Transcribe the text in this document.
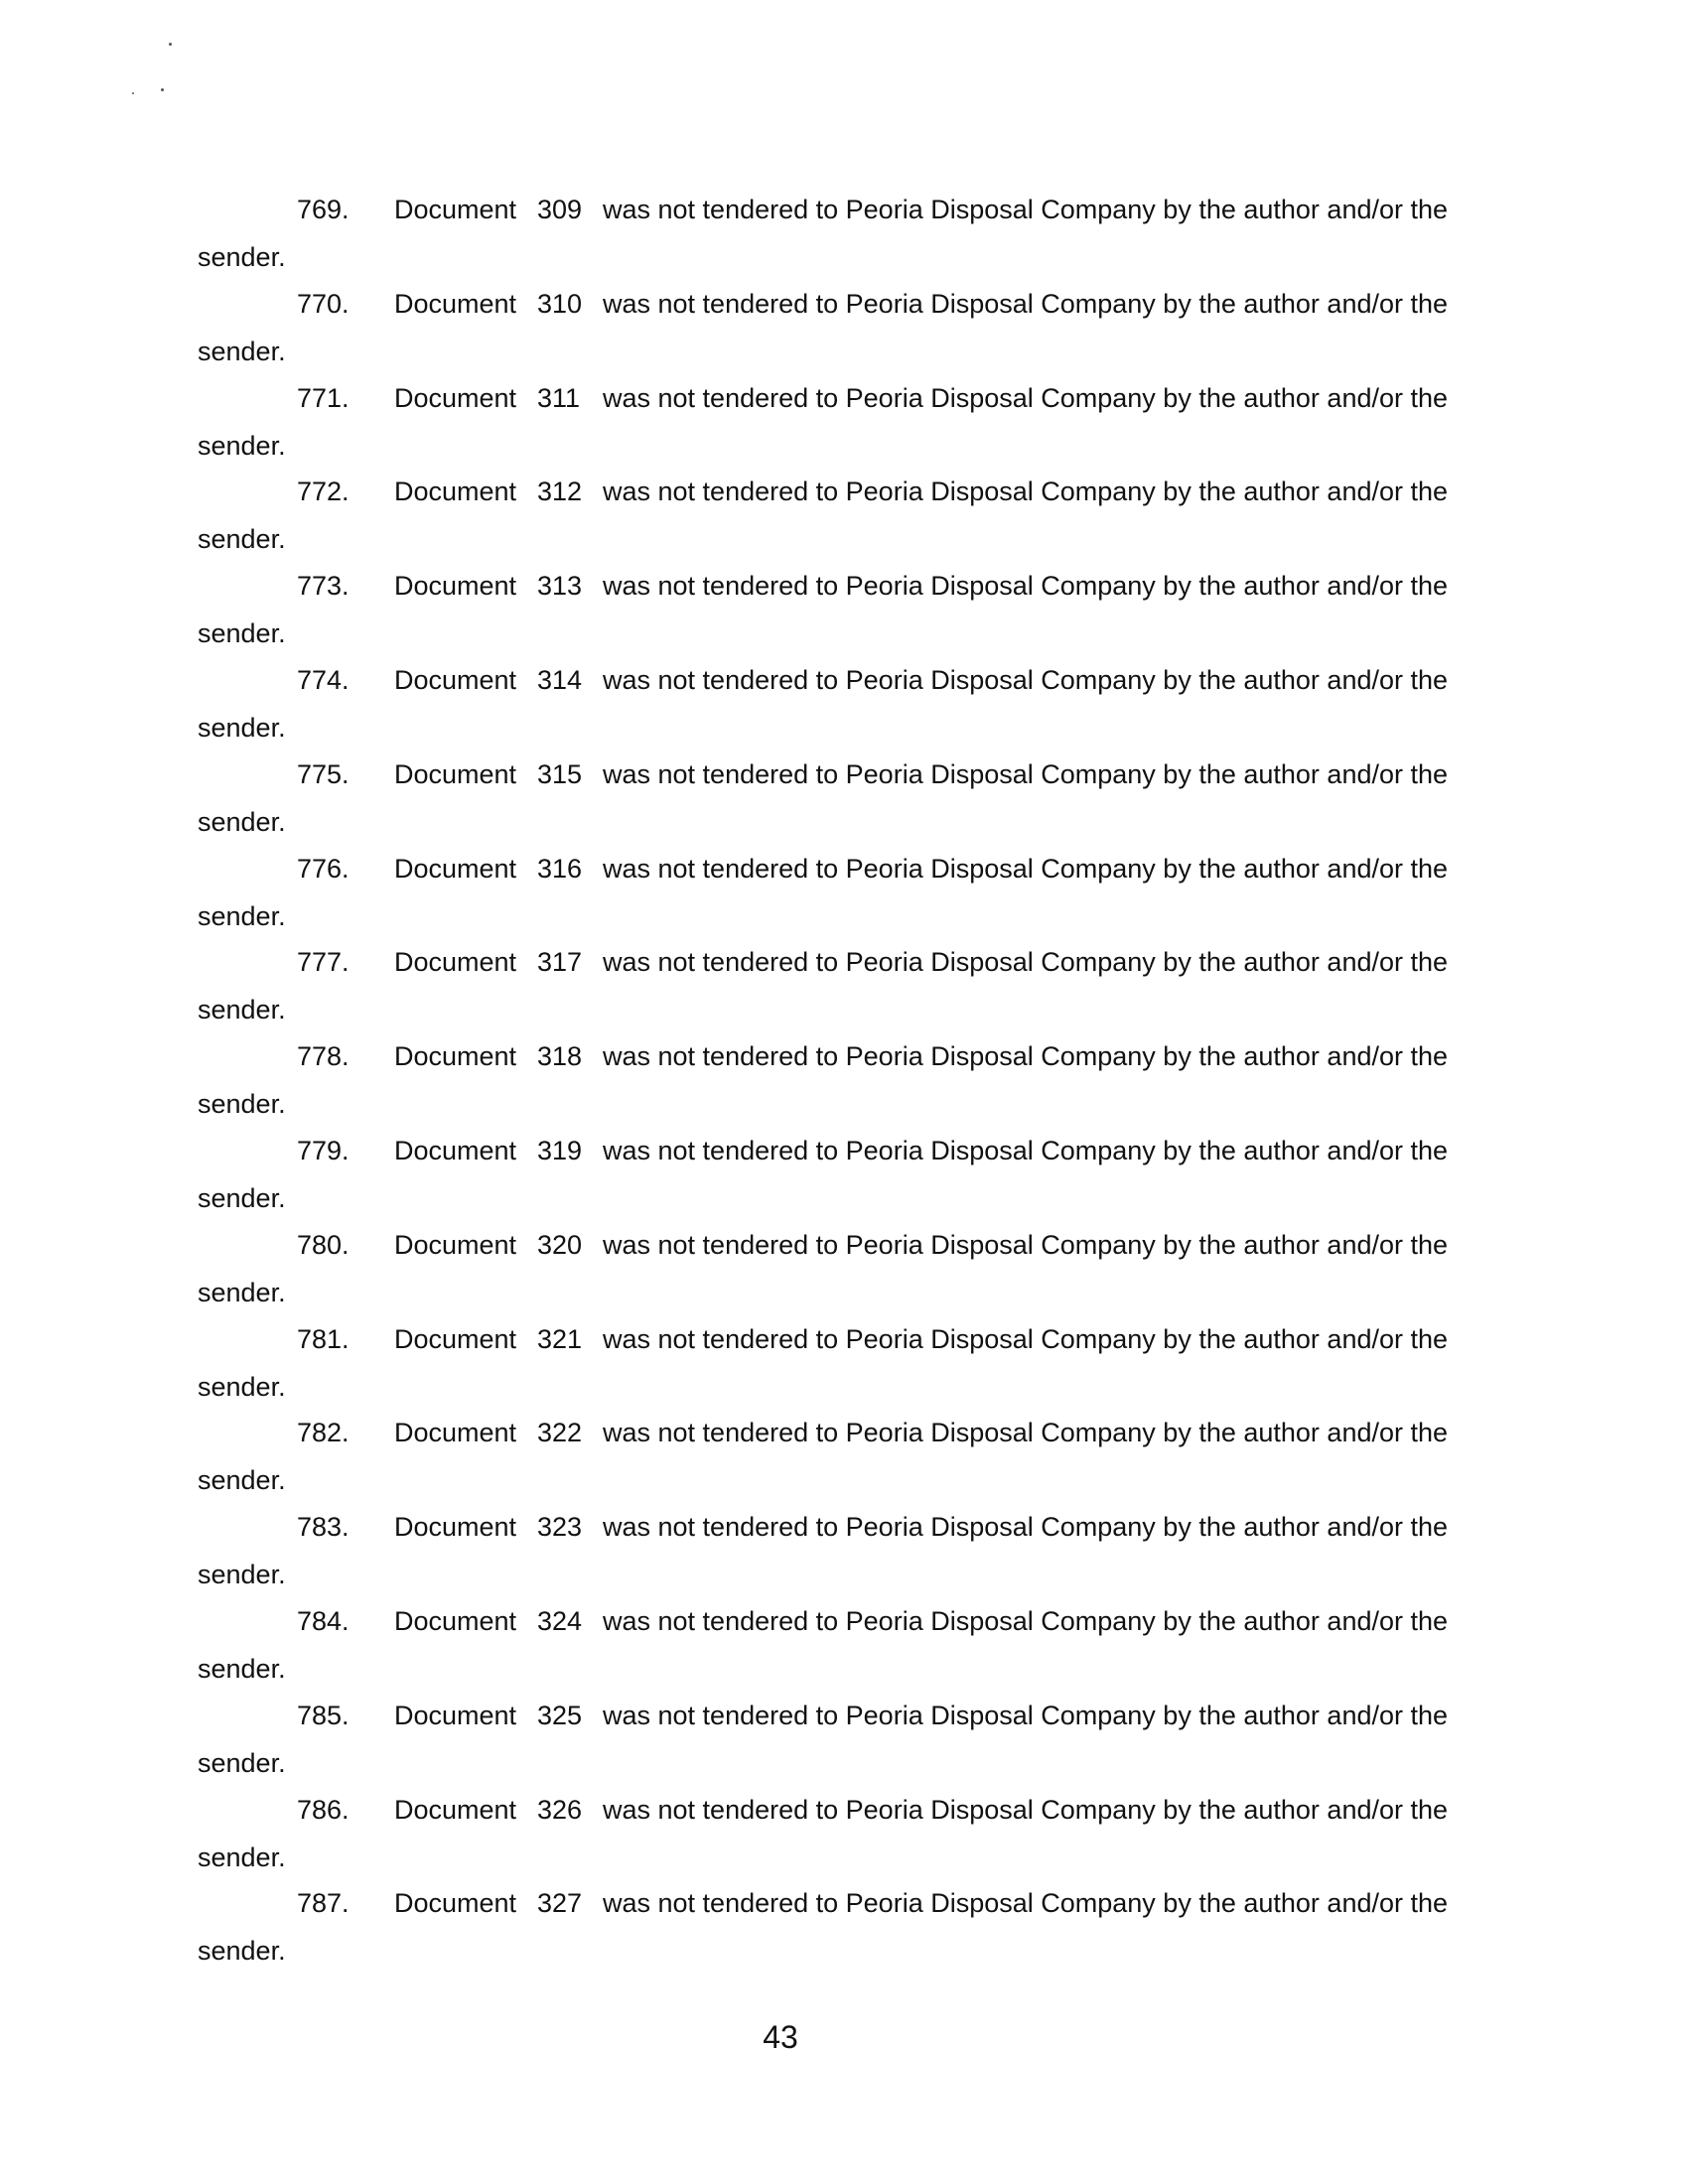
769. Document 309 was not tendered to Peoria Disposal Company by the author and/or the
sender.
770. Document 310 was not tendered to Peoria Disposal Company by the author and/or the
sender.
771. Document 311 was not tendered to Peoria Disposal Company by the author and/or the
sender.
772. Document 312 was not tendered to Peoria Disposal Company by the author and/or the
sender.
773. Document 313 was not tendered to Peoria Disposal Company by the author and/or the
sender.
774. Document 314 was not tendered to Peoria Disposal Company by the author and/or the
sender.
775. Document 315 was not tendered to Peoria Disposal Company by the author and/or the
sender.
776. Document 316 was not tendered to Peoria Disposal Company by the author and/or the
sender.
777. Document 317 was not tendered to Peoria Disposal Company by the author and/or the
sender.
778. Document 318 was not tendered to Peoria Disposal Company by the author and/or the
sender.
779. Document 319 was not tendered to Peoria Disposal Company by the author and/or the
sender.
780. Document 320 was not tendered to Peoria Disposal Company by the author and/or the
sender.
781. Document 321 was not tendered to Peoria Disposal Company by the author and/or the
sender.
782. Document 322 was not tendered to Peoria Disposal Company by the author and/or the
sender.
783. Document 323 was not tendered to Peoria Disposal Company by the author and/or the
sender.
784. Document 324 was not tendered to Peoria Disposal Company by the author and/or the
sender.
785. Document 325 was not tendered to Peoria Disposal Company by the author and/or the
sender.
786. Document 326 was not tendered to Peoria Disposal Company by the author and/or the
sender.
787. Document 327 was not tendered to Peoria Disposal Company by the author and/or the
sender.
43
